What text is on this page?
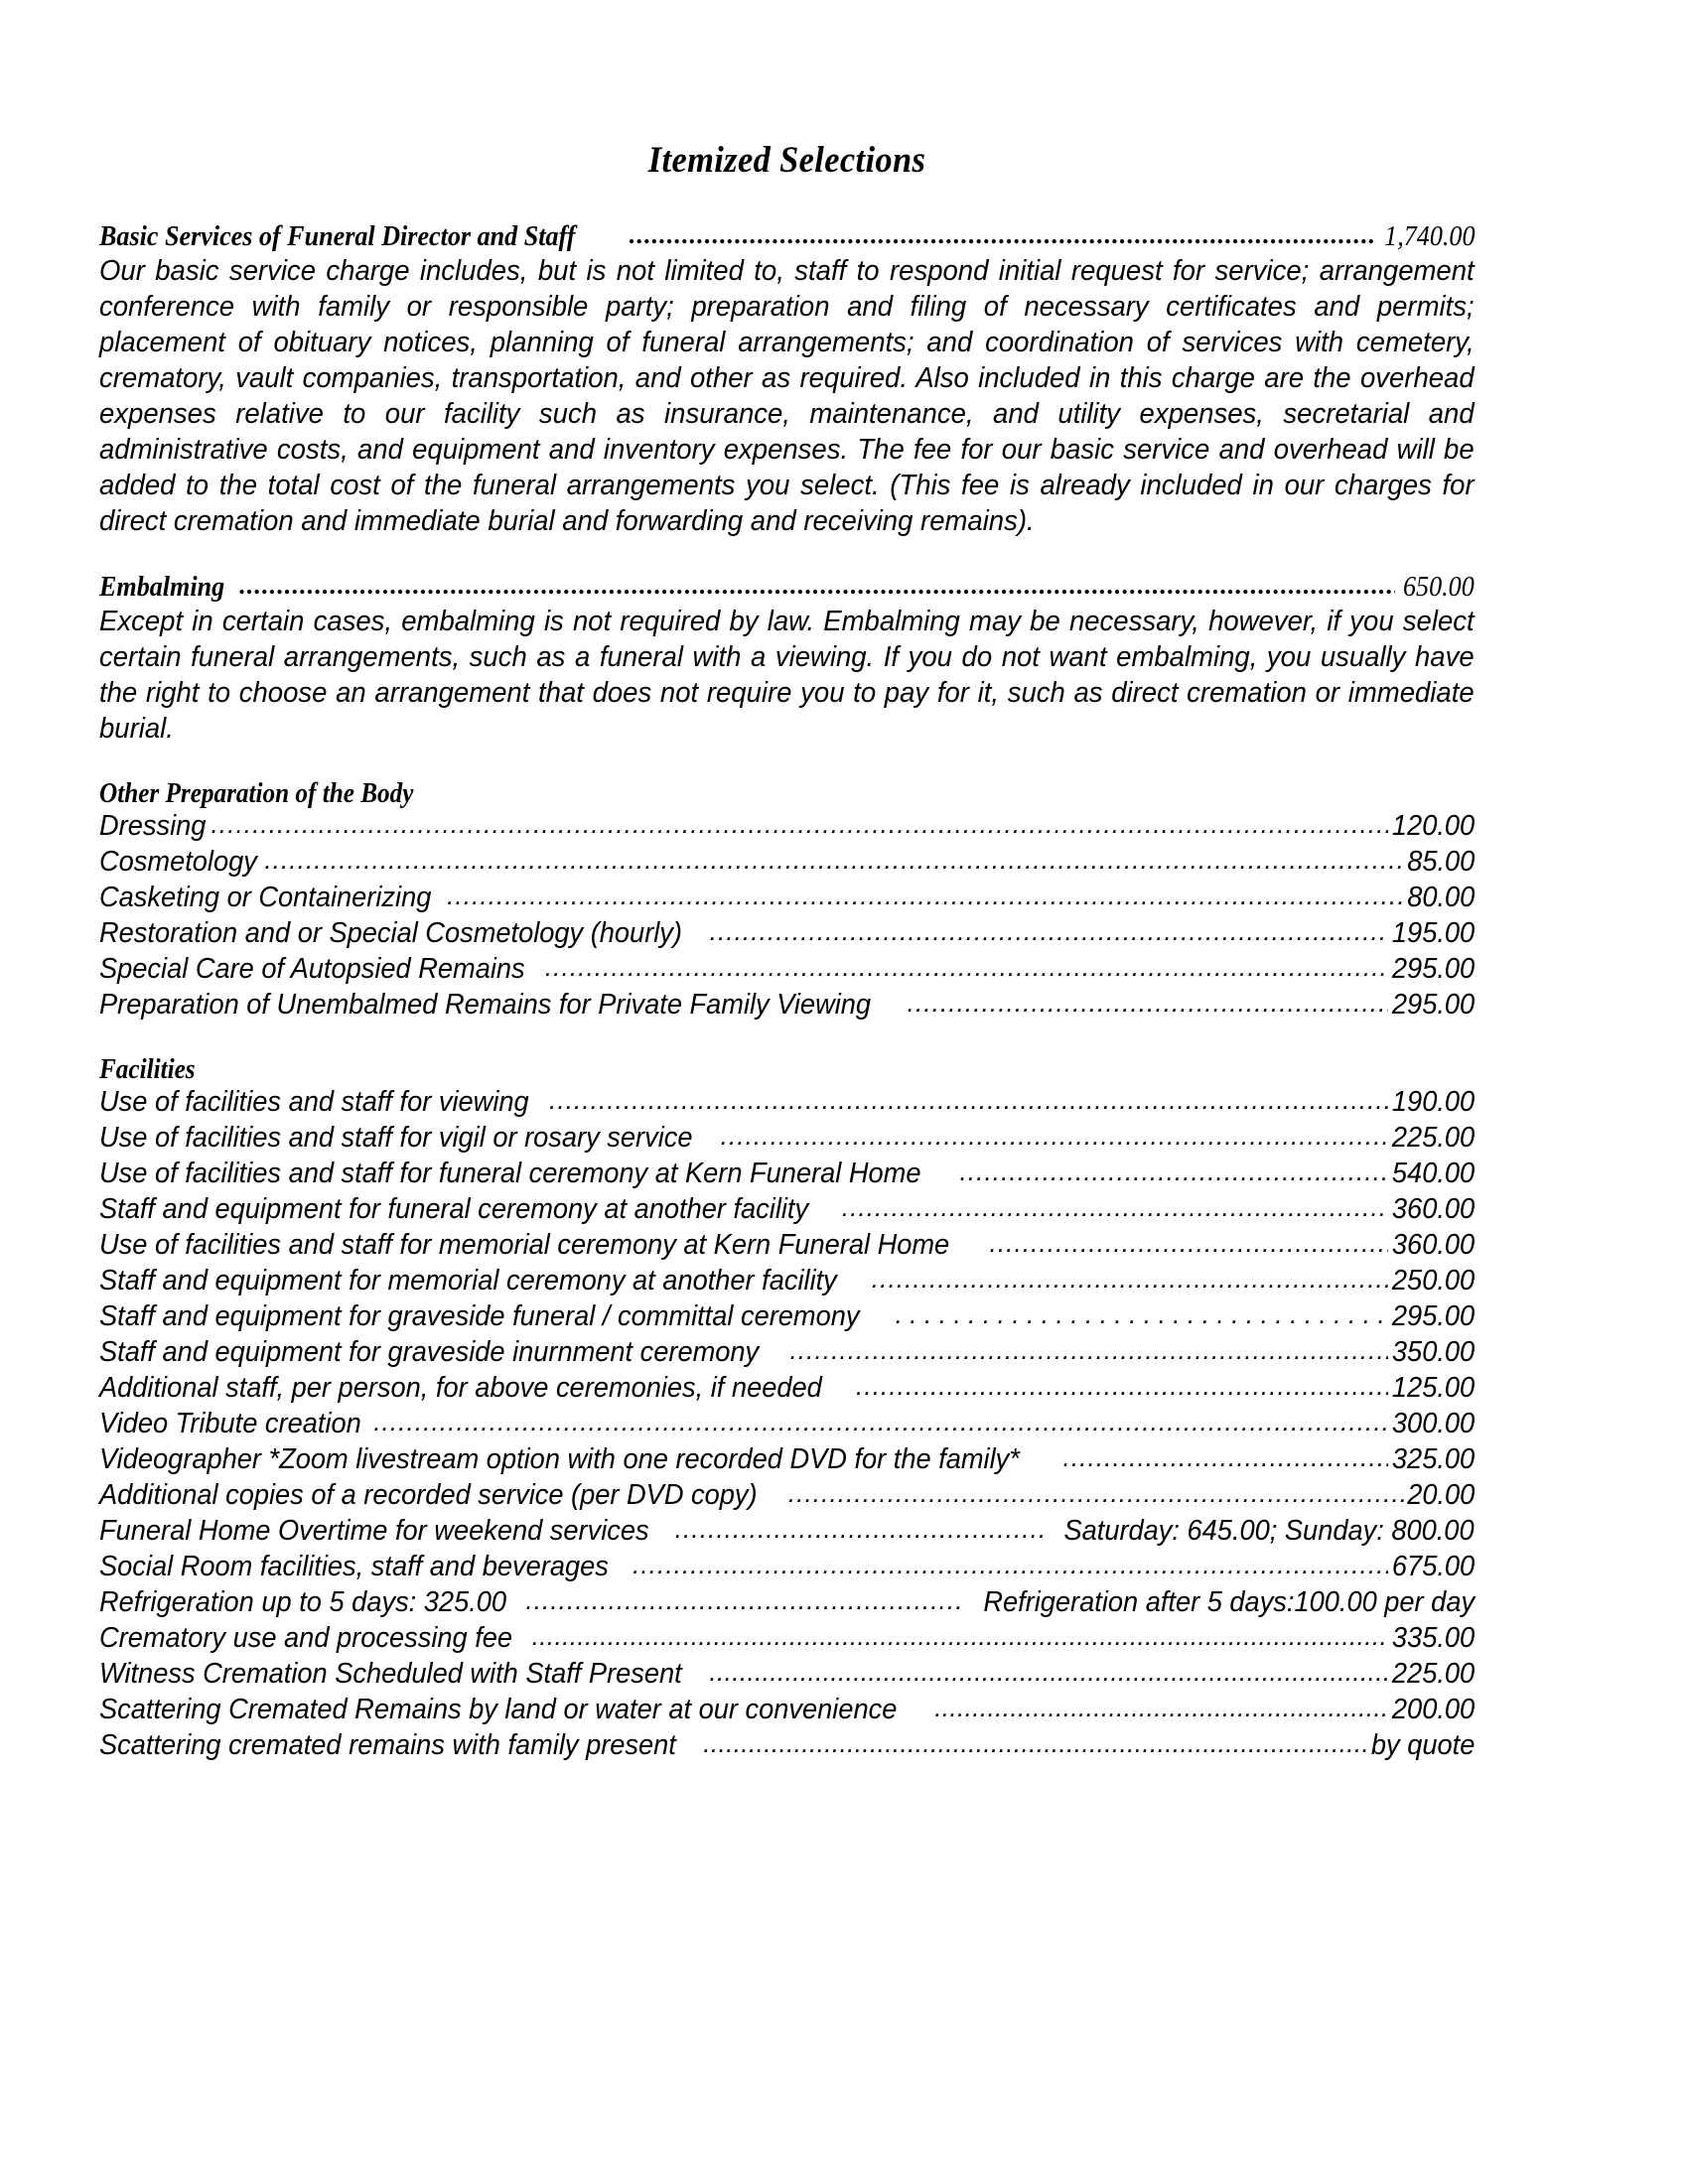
Itemized Selections
Basic Services of Funeral Director and Staff .....	1,740.00

Our basic service charge includes, but is not limited to, staff to respond initial request for service; arrangement conference with family or responsible party; preparation and filing of necessary certificates and permits; placement of obituary notices, planning of funeral arrangements; and coordination of services with cemetery, crematory, vault companies, transportation, and other as required. Also included in this charge are the overhead expenses relative to our facility such as insurance, maintenance, and utility expenses, secretarial and administrative costs, and equipment and inventory expenses. The fee for our basic service and overhead will be added to the total cost of the funeral arrangements you select. (This fee is already included in our charges for direct cremation and immediate burial and forwarding and receiving remains).

Embalming .....	650.00

Except in certain cases, embalming is not required by law. Embalming may be necessary, however, if you select certain funeral arrangements, such as a funeral with a viewing. If you do not want embalming, you usually have the right to choose an arrangement that does not require you to pay for it, such as direct cremation or immediate burial.

Other Preparation of the Body
Dressing .....	120.00
Cosmetology .....	85.00
Casketing or Containerizing .....	80.00
Restoration and or Special Cosmetology (hourly) .....	195.00
Special Care of Autopsied Remains .....	295.00
Preparation of Unembalmed Remains for Private Family Viewing .....	295.00
Facilities
Use of facilities and staff for viewing .....	190.00
Use of facilities and staff for vigil or rosary service .....	225.00
Use of facilities and staff for funeral ceremony at Kern Funeral Home .....	540.00
Staff and equipment for funeral ceremony at another facility .....	360.00
Use of facilities and staff for memorial ceremony at Kern Funeral Home .....	360.00
Staff and equipment for memorial ceremony at another facility .....	250.00
Staff and equipment for graveside funeral / committal ceremony .....	295.00
Staff and equipment for graveside inurnment ceremony .....	350.00
Additional staff, per person, for above ceremonies, if needed .....	125.00
Video Tribute creation .....	300.00
Videographer *Zoom livestream option with one recorded DVD for the family* .....	325.00
Additional copies of a recorded service (per DVD copy) .....	20.00
Funeral Home Overtime for weekend services .....	Saturday: 645.00; Sunday: 800.00
Social Room facilities, staff and beverages .....	675.00
Refrigeration up to 5 days: 325.00 .....	Refrigeration after 5 days:100.00 per day
Crematory use and processing fee .....	335.00
Witness Cremation Scheduled with Staff Present .....	225.00
Scattering Cremated Remains by land or water at our convenience .....	200.00
Scattering cremated remains with family present .....	by quote
